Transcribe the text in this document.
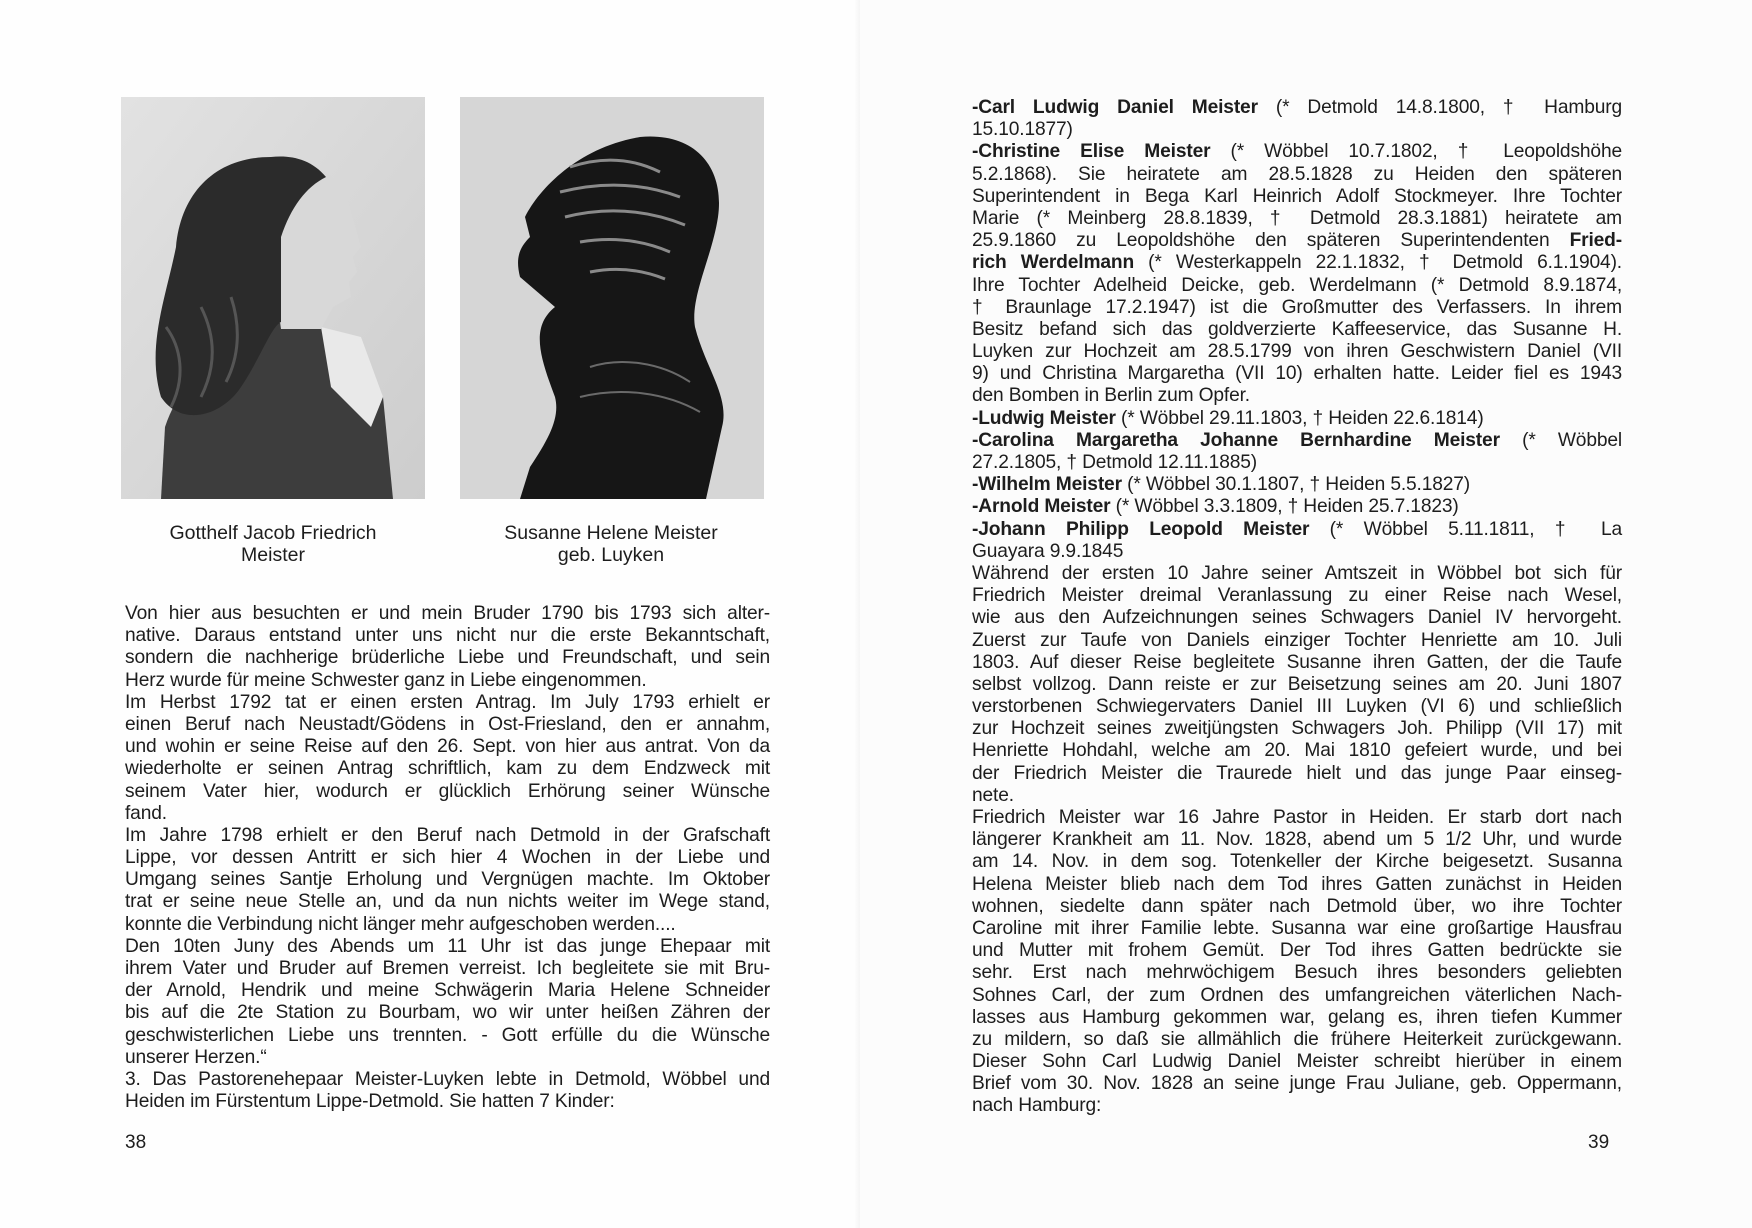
Gotthelf Jacob Friedrich
Meister
Susanne Helene Meister
geb. Luyken
Von hier aus besuchten er und mein Bruder 1790 bis 1793 sich alter-
native. Daraus entstand unter uns nicht nur die erste Bekanntschaft,
sondern die nachherige brüderliche Liebe und Freundschaft, und sein
Herz wurde für meine Schwester ganz in Liebe eingenommen.
Im Herbst 1792 tat er einen ersten Antrag. Im July 1793 erhielt er
einen Beruf nach Neustadt/Gödens in Ost-Friesland, den er annahm,
und wohin er seine Reise auf den 26. Sept. von hier aus antrat. Von da
wiederholte er seinen Antrag schriftlich, kam zu dem Endzweck mit
seinem Vater hier, wodurch er glücklich Erhörung seiner Wünsche
fand.
Im Jahre 1798 erhielt er den Beruf nach Detmold in der Grafschaft
Lippe, vor dessen Antritt er sich hier 4 Wochen in der Liebe und
Umgang seines Santje Erholung und Vergnügen machte. Im Oktober
trat er seine neue Stelle an, und da nun nichts weiter im Wege stand,
konnte die Verbindung nicht länger mehr aufgeschoben werden....
Den 10ten Juny des Abends um 11 Uhr ist das junge Ehepaar mit
ihrem Vater und Bruder auf Bremen verreist. Ich begleitete sie mit Bru-
der Arnold, Hendrik und meine Schwägerin Maria Helene Schneider
bis auf die 2te Station zu Bourbam, wo wir unter heißen Zähren der
geschwisterlichen Liebe uns trennten. - Gott erfülle du die Wünsche
unserer Herzen.“
3. Das Pastorenehepaar Meister-Luyken lebte in Detmold, Wöbbel und
Heiden im Fürstentum Lippe-Detmold. Sie hatten 7 Kinder:
38	39
-Carl Ludwig Daniel Meister (* Detmold 14.8.1800, † Hamburg
15.10.1877)
-Christine Elise Meister (* Wöbbel 10.7.1802, † Leopoldshöhe
5.2.1868). Sie heiratete am 28.5.1828 zu Heiden den späteren
Superintendent in Bega Karl Heinrich Adolf Stockmeyer. Ihre Tochter
Marie (* Meinberg 28.8.1839, † Detmold 28.3.1881) heiratete am
25.9.1860 zu Leopoldshöhe den späteren Superintendenten Fried-
rich Werdelmann (* Westerkappeln 22.1.1832, † Detmold 6.1.1904).
Ihre Tochter Adelheid Deicke, geb. Werdelmann (* Detmold 8.9.1874,
† Braunlage 17.2.1947) ist die Großmutter des Verfassers. In ihrem
Besitz befand sich das goldverzierte Kaffeeservice, das Susanne H.
Luyken zur Hochzeit am 28.5.1799 von ihren Geschwistern Daniel (VII
9) und Christina Margaretha (VII 10) erhalten hatte. Leider fiel es 1943
den Bomben in Berlin zum Opfer.
-Ludwig Meister (* Wöbbel 29.11.1803, † Heiden 22.6.1814)
-Carolina Margaretha Johanne Bernhardine Meister (* Wöbbel
27.2.1805, † Detmold 12.11.1885)
-Wilhelm Meister (* Wöbbel 30.1.1807, † Heiden 5.5.1827)
-Arnold Meister (* Wöbbel 3.3.1809, † Heiden 25.7.1823)
-Johann Philipp Leopold Meister (* Wöbbel 5.11.1811, † La
Guayara 9.9.1845
Während der ersten 10 Jahre seiner Amtszeit in Wöbbel bot sich für
Friedrich Meister dreimal Veranlassung zu einer Reise nach Wesel,
wie aus den Aufzeichnungen seines Schwagers Daniel IV hervorgeht.
Zuerst zur Taufe von Daniels einziger Tochter Henriette am 10. Juli
1803. Auf dieser Reise begleitete Susanne ihren Gatten, der die Taufe
selbst vollzog. Dann reiste er zur Beisetzung seines am 20. Juni 1807
verstorbenen Schwiegervaters Daniel III Luyken (VI 6) und schließlich
zur Hochzeit seines zweitjüngsten Schwagers Joh. Philipp (VII 17) mit
Henriette Hohdahl, welche am 20. Mai 1810 gefeiert wurde, und bei
der Friedrich Meister die Traurede hielt und das junge Paar einseg-
nete.
Friedrich Meister war 16 Jahre Pastor in Heiden. Er starb dort nach
längerer Krankheit am 11. Nov. 1828, abend um 5 1/2 Uhr, und wurde
am 14. Nov. in dem sog. Totenkeller der Kirche beigesetzt. Susanna
Helena Meister blieb nach dem Tod ihres Gatten zunächst in Heiden
wohnen, siedelte dann später nach Detmold über, wo ihre Tochter
Caroline mit ihrer Familie lebte. Susanna war eine großartige Hausfrau
und Mutter mit frohem Gemüt. Der Tod ihres Gatten bedrückte sie
sehr. Erst nach mehrwöchigem Besuch ihres besonders geliebten
Sohnes Carl, der zum Ordnen des umfangreichen väterlichen Nach-
lasses aus Hamburg gekommen war, gelang es, ihren tiefen Kummer
zu mildern, so daß sie allmählich die frühere Heiterkeit zurückgewann.
Dieser Sohn Carl Ludwig Daniel Meister schreibt hierüber in einem
Brief vom 30. Nov. 1828 an seine junge Frau Juliane, geb. Oppermann,
nach Hamburg:
